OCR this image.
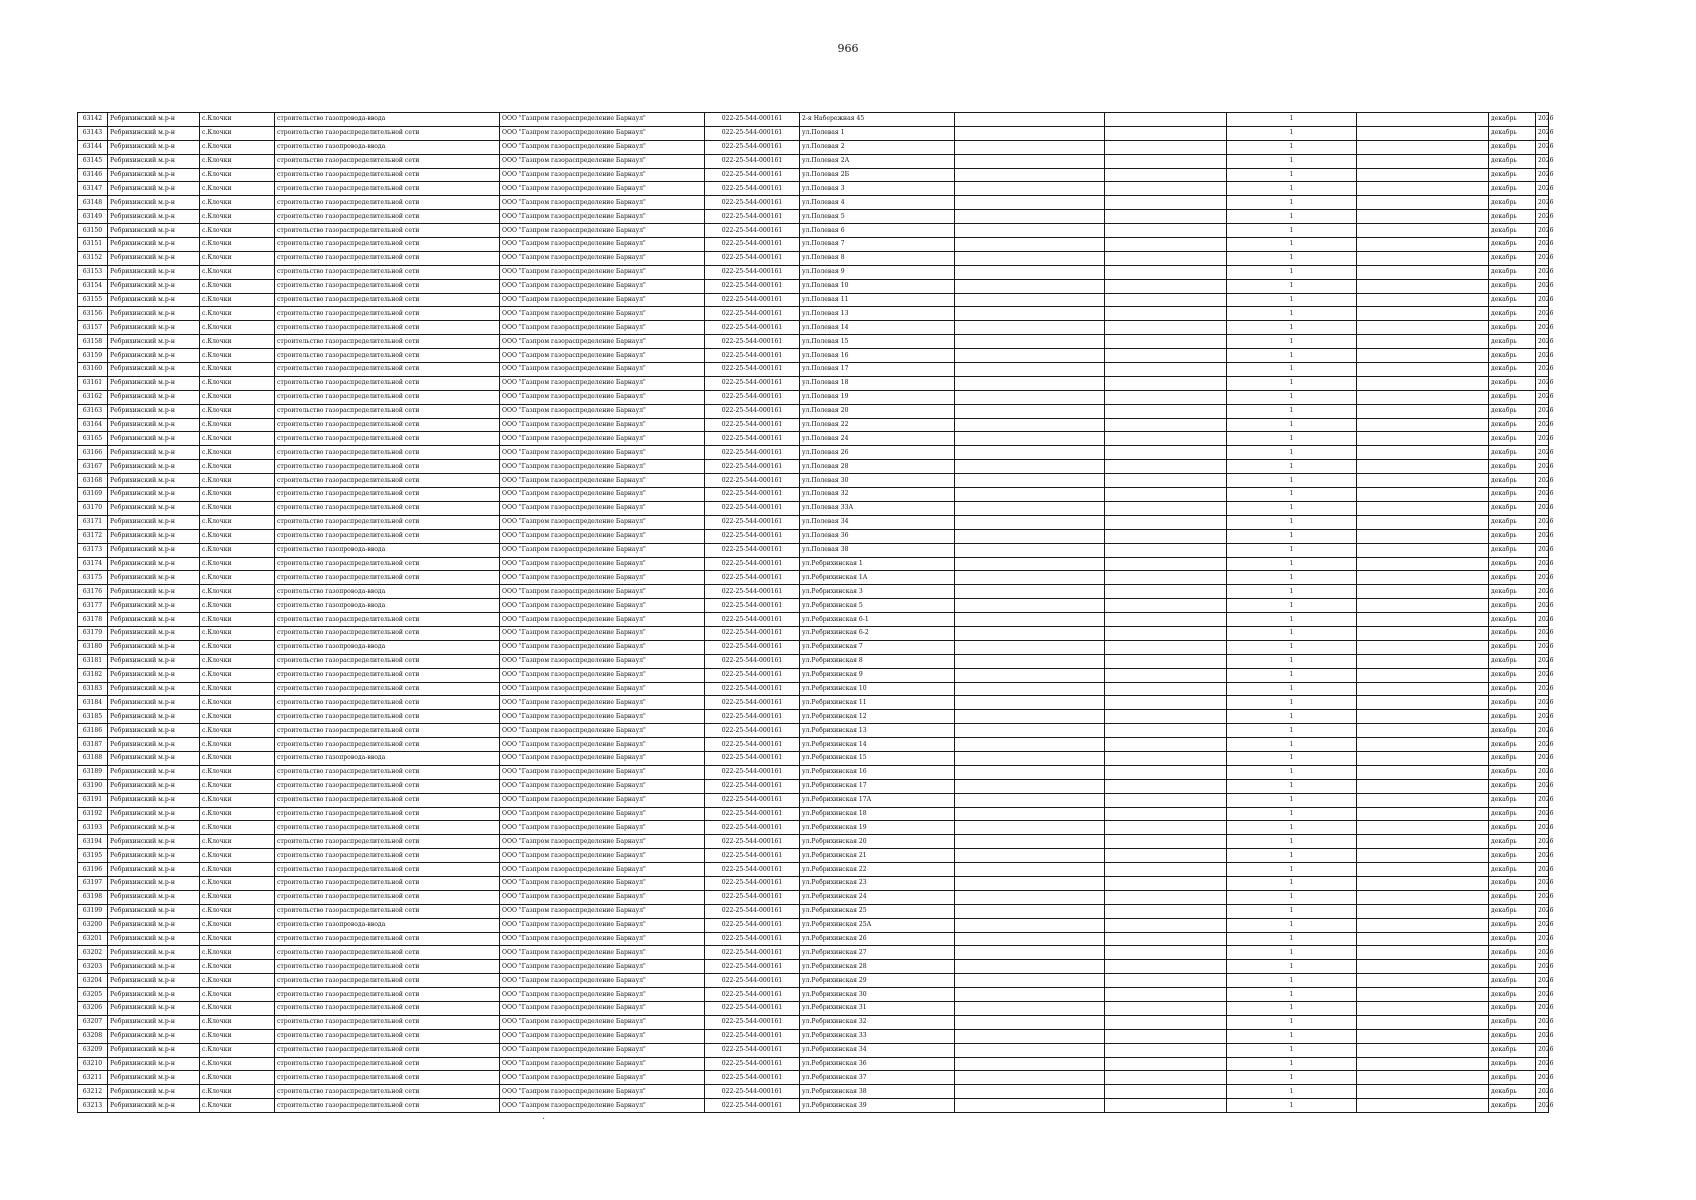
966
63142	Ребрихинский м.р-н	с.Клочки	строительство газопровода-ввода	ООО "Газпром газораспределение Барнаул"	022-25-544-000161	2-я Набережная 45			1		декабрь	2026
63143	Ребрихинский м.р-н	с.Клочки	строительство газораспределительной сети	ООО "Газпром газораспределение Барнаул"	022-25-544-000161	ул.Полевая 1			1		декабрь	2026
63144	Ребрихинский м.р-н	с.Клочки	строительство газопровода-ввода	ООО "Газпром газораспределение Барнаул"	022-25-544-000161	ул.Полевая 2			1		декабрь	2026
63145	Ребрихинский м.р-н	с.Клочки	строительство газораспределительной сети	ООО "Газпром газораспределение Барнаул"	022-25-544-000161	ул.Полевая 2А			1		декабрь	2026
63146	Ребрихинский м.р-н	с.Клочки	строительство газораспределительной сети	ООО "Газпром газораспределение Барнаул"	022-25-544-000161	ул.Полевая 2Б			1		декабрь	2026
63147	Ребрихинский м.р-н	с.Клочки	строительство газораспределительной сети	ООО "Газпром газораспределение Барнаул"	022-25-544-000161	ул.Полевая 3			1		декабрь	2026
63148	Ребрихинский м.р-н	с.Клочки	строительство газораспределительной сети	ООО "Газпром газораспределение Барнаул"	022-25-544-000161	ул.Полевая 4			1		декабрь	2026
63149	Ребрихинский м.р-н	с.Клочки	строительство газораспределительной сети	ООО "Газпром газораспределение Барнаул"	022-25-544-000161	ул.Полевая 5			1		декабрь	2026
63150	Ребрихинский м.р-н	с.Клочки	строительство газораспределительной сети	ООО "Газпром газораспределение Барнаул"	022-25-544-000161	ул.Полевая 6			1		декабрь	2026
63151	Ребрихинский м.р-н	с.Клочки	строительство газораспределительной сети	ООО "Газпром газораспределение Барнаул"	022-25-544-000161	ул.Полевая 7			1		декабрь	2026
63152	Ребрихинский м.р-н	с.Клочки	строительство газораспределительной сети	ООО "Газпром газораспределение Барнаул"	022-25-544-000161	ул.Полевая 8			1		декабрь	2026
63153	Ребрихинский м.р-н	с.Клочки	строительство газораспределительной сети	ООО "Газпром газораспределение Барнаул"	022-25-544-000161	ул.Полевая 9			1		декабрь	2026
63154	Ребрихинский м.р-н	с.Клочки	строительство газораспределительной сети	ООО "Газпром газораспределение Барнаул"	022-25-544-000161	ул.Полевая 10			1		декабрь	2026
63155	Ребрихинский м.р-н	с.Клочки	строительство газораспределительной сети	ООО "Газпром газораспределение Барнаул"	022-25-544-000161	ул.Полевая 11			1		декабрь	2026
63156	Ребрихинский м.р-н	с.Клочки	строительство газораспределительной сети	ООО "Газпром газораспределение Барнаул"	022-25-544-000161	ул.Полевая 13			1		декабрь	2026
63157	Ребрихинский м.р-н	с.Клочки	строительство газораспределительной сети	ООО "Газпром газораспределение Барнаул"	022-25-544-000161	ул.Полевая 14			1		декабрь	2026
63158	Ребрихинский м.р-н	с.Клочки	строительство газораспределительной сети	ООО "Газпром газораспределение Барнаул"	022-25-544-000161	ул.Полевая 15			1		декабрь	2026
63159	Ребрихинский м.р-н	с.Клочки	строительство газораспределительной сети	ООО "Газпром газораспределение Барнаул"	022-25-544-000161	ул.Полевая 16			1		декабрь	2026
63160	Ребрихинский м.р-н	с.Клочки	строительство газораспределительной сети	ООО "Газпром газораспределение Барнаул"	022-25-544-000161	ул.Полевая 17			1		декабрь	2026
63161	Ребрихинский м.р-н	с.Клочки	строительство газораспределительной сети	ООО "Газпром газораспределение Барнаул"	022-25-544-000161	ул.Полевая 18			1		декабрь	2026
63162	Ребрихинский м.р-н	с.Клочки	строительство газораспределительной сети	ООО "Газпром газораспределение Барнаул"	022-25-544-000161	ул.Полевая 19			1		декабрь	2026
63163	Ребрихинский м.р-н	с.Клочки	строительство газораспределительной сети	ООО "Газпром газораспределение Барнаул"	022-25-544-000161	ул.Полевая 20			1		декабрь	2026
63164	Ребрихинский м.р-н	с.Клочки	строительство газораспределительной сети	ООО "Газпром газораспределение Барнаул"	022-25-544-000161	ул.Полевая 22			1		декабрь	2026
63165	Ребрихинский м.р-н	с.Клочки	строительство газораспределительной сети	ООО "Газпром газораспределение Барнаул"	022-25-544-000161	ул.Полевая 24			1		декабрь	2026
63166	Ребрихинский м.р-н	с.Клочки	строительство газораспределительной сети	ООО "Газпром газораспределение Барнаул"	022-25-544-000161	ул.Полевая 26			1		декабрь	2026
63167	Ребрихинский м.р-н	с.Клочки	строительство газораспределительной сети	ООО "Газпром газораспределение Барнаул"	022-25-544-000161	ул.Полевая 28			1		декабрь	2026
63168	Ребрихинский м.р-н	с.Клочки	строительство газораспределительной сети	ООО "Газпром газораспределение Барнаул"	022-25-544-000161	ул.Полевая 30			1		декабрь	2026
63169	Ребрихинский м.р-н	с.Клочки	строительство газораспределительной сети	ООО "Газпром газораспределение Барнаул"	022-25-544-000161	ул.Полевая 32			1		декабрь	2026
63170	Ребрихинский м.р-н	с.Клочки	строительство газораспределительной сети	ООО "Газпром газораспределение Барнаул"	022-25-544-000161	ул.Полевая 33А			1		декабрь	2026
63171	Ребрихинский м.р-н	с.Клочки	строительство газораспределительной сети	ООО "Газпром газораспределение Барнаул"	022-25-544-000161	ул.Полевая 34			1		декабрь	2026
63172	Ребрихинский м.р-н	с.Клочки	строительство газораспределительной сети	ООО "Газпром газораспределение Барнаул"	022-25-544-000161	ул.Полевая 36			1		декабрь	2026
63173	Ребрихинский м.р-н	с.Клочки	строительство газопровода-ввода	ООО "Газпром газораспределение Барнаул"	022-25-544-000161	ул.Полевая 38			1		декабрь	2026
63174	Ребрихинский м.р-н	с.Клочки	строительство газораспределительной сети	ООО "Газпром газораспределение Барнаул"	022-25-544-000161	ул.Ребрихинская 1			1		декабрь	2026
63175	Ребрихинский м.р-н	с.Клочки	строительство газораспределительной сети	ООО "Газпром газораспределение Барнаул"	022-25-544-000161	ул.Ребрихинская 1А			1		декабрь	2026
63176	Ребрихинский м.р-н	с.Клочки	строительство газопровода-ввода	ООО "Газпром газораспределение Барнаул"	022-25-544-000161	ул.Ребрихинская 3			1		декабрь	2026
63177	Ребрихинский м.р-н	с.Клочки	строительство газопровода-ввода	ООО "Газпром газораспределение Барнаул"	022-25-544-000161	ул.Ребрихинская 5			1		декабрь	2026
63178	Ребрихинский м.р-н	с.Клочки	строительство газораспределительной сети	ООО "Газпром газораспределение Барнаул"	022-25-544-000161	ул.Ребрихинская 6-1			1		декабрь	2026
63179	Ребрихинский м.р-н	с.Клочки	строительство газораспределительной сети	ООО "Газпром газораспределение Барнаул"	022-25-544-000161	ул.Ребрихинская 6-2			1		декабрь	2026
63180	Ребрихинский м.р-н	с.Клочки	строительство газопровода-ввода	ООО "Газпром газораспределение Барнаул"	022-25-544-000161	ул.Ребрихинская 7			1		декабрь	2026
63181	Ребрихинский м.р-н	с.Клочки	строительство газораспределительной сети	ООО "Газпром газораспределение Барнаул"	022-25-544-000161	ул.Ребрихинская 8			1		декабрь	2026
63182	Ребрихинский м.р-н	с.Клочки	строительство газораспределительной сети	ООО "Газпром газораспределение Барнаул"	022-25-544-000161	ул.Ребрихинская 9			1		декабрь	2026
63183	Ребрихинский м.р-н	с.Клочки	строительство газораспределительной сети	ООО "Газпром газораспределение Барнаул"	022-25-544-000161	ул.Ребрихинская 10			1		декабрь	2026
63184	Ребрихинский м.р-н	с.Клочки	строительство газораспределительной сети	ООО "Газпром газораспределение Барнаул"	022-25-544-000161	ул.Ребрихинская 11			1		декабрь	2026
63185	Ребрихинский м.р-н	с.Клочки	строительство газораспределительной сети	ООО "Газпром газораспределение Барнаул"	022-25-544-000161	ул.Ребрихинская 12			1		декабрь	2026
63186	Ребрихинский м.р-н	с.Клочки	строительство газораспределительной сети	ООО "Газпром газораспределение Барнаул"	022-25-544-000161	ул.Ребрихинская 13			1		декабрь	2026
63187	Ребрихинский м.р-н	с.Клочки	строительство газораспределительной сети	ООО "Газпром газораспределение Барнаул"	022-25-544-000161	ул.Ребрихинская 14			1		декабрь	2026
63188	Ребрихинский м.р-н	с.Клочки	строительство газопровода-ввода	ООО "Газпром газораспределение Барнаул"	022-25-544-000161	ул.Ребрихинская 15			1		декабрь	2026
63189	Ребрихинский м.р-н	с.Клочки	строительство газораспределительной сети	ООО "Газпром газораспределение Барнаул"	022-25-544-000161	ул.Ребрихинская 16			1		декабрь	2026
63190	Ребрихинский м.р-н	с.Клочки	строительство газораспределительной сети	ООО "Газпром газораспределение Барнаул"	022-25-544-000161	ул.Ребрихинская 17			1		декабрь	2026
63191	Ребрихинский м.р-н	с.Клочки	строительство газораспределительной сети	ООО "Газпром газораспределение Барнаул"	022-25-544-000161	ул.Ребрихинская 17А			1		декабрь	2026
63192	Ребрихинский м.р-н	с.Клочки	строительство газораспределительной сети	ООО "Газпром газораспределение Барнаул"	022-25-544-000161	ул.Ребрихинская 18			1		декабрь	2026
63193	Ребрихинский м.р-н	с.Клочки	строительство газораспределительной сети	ООО "Газпром газораспределение Барнаул"	022-25-544-000161	ул.Ребрихинская 19			1		декабрь	2026
63194	Ребрихинский м.р-н	с.Клочки	строительство газораспределительной сети	ООО "Газпром газораспределение Барнаул"	022-25-544-000161	ул.Ребрихинская 20			1		декабрь	2026
63195	Ребрихинский м.р-н	с.Клочки	строительство газораспределительной сети	ООО "Газпром газораспределение Барнаул"	022-25-544-000161	ул.Ребрихинская 21			1		декабрь	2026
63196	Ребрихинский м.р-н	с.Клочки	строительство газораспределительной сети	ООО "Газпром газораспределение Барнаул"	022-25-544-000161	ул.Ребрихинская 22			1		декабрь	2026
63197	Ребрихинский м.р-н	с.Клочки	строительство газораспределительной сети	ООО "Газпром газораспределение Барнаул"	022-25-544-000161	ул.Ребрихинская 23			1		декабрь	2026
63198	Ребрихинский м.р-н	с.Клочки	строительство газораспределительной сети	ООО "Газпром газораспределение Барнаул"	022-25-544-000161	ул.Ребрихинская 24			1		декабрь	2026
63199	Ребрихинский м.р-н	с.Клочки	строительство газораспределительной сети	ООО "Газпром газораспределение Барнаул"	022-25-544-000161	ул.Ребрихинская 25			1		декабрь	2026
63200	Ребрихинский м.р-н	с.Клочки	строительство газопровода-ввода	ООО "Газпром газораспределение Барнаул"	022-25-544-000161	ул.Ребрихинская 25А			1		декабрь	2026
63201	Ребрихинский м.р-н	с.Клочки	строительство газораспределительной сети	ООО "Газпром газораспределение Барнаул"	022-25-544-000161	ул.Ребрихинская 26			1		декабрь	2026
63202	Ребрихинский м.р-н	с.Клочки	строительство газораспределительной сети	ООО "Газпром газораспределение Барнаул"	022-25-544-000161	ул.Ребрихинская 27			1		декабрь	2026
63203	Ребрихинский м.р-н	с.Клочки	строительство газораспределительной сети	ООО "Газпром газораспределение Барнаул"	022-25-544-000161	ул.Ребрихинская 28			1		декабрь	2026
63204	Ребрихинский м.р-н	с.Клочки	строительство газораспределительной сети	ООО "Газпром газораспределение Барнаул"	022-25-544-000161	ул.Ребрихинская 29			1		декабрь	2026
63205	Ребрихинский м.р-н	с.Клочки	строительство газораспределительной сети	ООО "Газпром газораспределение Барнаул"	022-25-544-000161	ул.Ребрихинская 30			1		декабрь	2026
63206	Ребрихинский м.р-н	с.Клочки	строительство газораспределительной сети	ООО "Газпром газораспределение Барнаул"	022-25-544-000161	ул.Ребрихинская 31			1		декабрь	2026
63207	Ребрихинский м.р-н	с.Клочки	строительство газораспределительной сети	ООО "Газпром газораспределение Барнаул"	022-25-544-000161	ул.Ребрихинская 32			1		декабрь	2026
63208	Ребрихинский м.р-н	с.Клочки	строительство газораспределительной сети	ООО "Газпром газораспределение Барнаул"	022-25-544-000161	ул.Ребрихинская 33			1		декабрь	2026
63209	Ребрихинский м.р-н	с.Клочки	строительство газораспределительной сети	ООО "Газпром газораспределение Барнаул"	022-25-544-000161	ул.Ребрихинская 34			1		декабрь	2026
63210	Ребрихинский м.р-н	с.Клочки	строительство газораспределительной сети	ООО "Газпром газораспределение Барнаул"	022-25-544-000161	ул.Ребрихинская 36			1		декабрь	2026
63211	Ребрихинский м.р-н	с.Клочки	строительство газораспределительной сети	ООО "Газпром газораспределение Барнаул"	022-25-544-000161	ул.Ребрихинская 37			1		декабрь	2026
63212	Ребрихинский м.р-н	с.Клочки	строительство газораспределительной сети	ООО "Газпром газораспределение Барнаул"	022-25-544-000161	ул.Ребрихинская 38			1		декабрь	2026
63213	Ребрихинский м.р-н	с.Клочки	строительство газораспределительной сети	ООО "Газпром газораспределение Барнаул"	022-25-544-000161	ул.Ребрихинская 39			1		декабрь	2026
·
